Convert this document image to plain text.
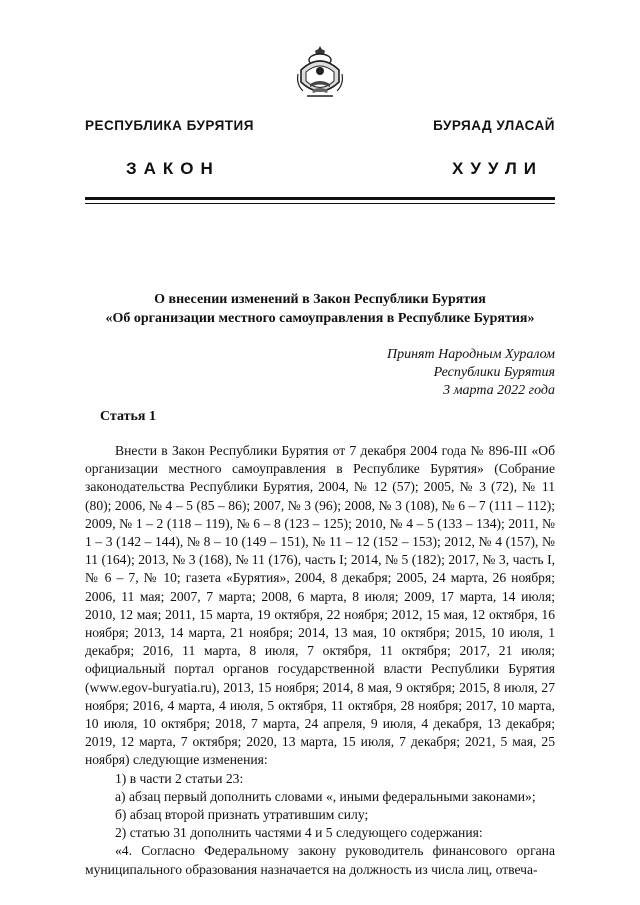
РЕСПУБЛИКА БУРЯТИЯ	БУРЯАД УЛАСАЙ
ЗАКОН	ХУУЛИ
О внесении изменений в Закон Республики Бурятия
«Об организации местного самоуправления в Республике Бурятия»
Принят Народным Хуралом
Республики Бурятия
3 марта 2022 года
Статья 1

Внести в Закон Республики Бурятия от 7 декабря 2004 года № 896-III «Об организации местного самоуправления в Республике Бурятия» (Собрание законодательства Республики Бурятия, 2004, № 12 (57); 2005, № 3 (72), № 11 (80); 2006, № 4 – 5 (85 – 86); 2007, № 3 (96); 2008, № 3 (108), № 6 – 7 (111 – 112); 2009, № 1 – 2 (118 – 119), № 6 – 8 (123 – 125); 2010, № 4 – 5 (133 – 134); 2011, № 1 – 3 (142 – 144), № 8 – 10 (149 – 151), № 11 – 12 (152 – 153); 2012, № 4 (157), № 11 (164); 2013, № 3 (168), № 11 (176), часть I; 2014, № 5 (182); 2017, № 3, часть I, № 6 – 7, № 10; газета «Бурятия», 2004, 8 декабря; 2005, 24 марта, 26 ноября; 2006, 11 мая; 2007, 7 марта; 2008, 6 марта, 8 июля; 2009, 17 марта, 14 июля; 2010, 12 мая; 2011, 15 марта, 19 октября, 22 ноября; 2012, 15 мая, 12 октября, 16 ноября; 2013, 14 марта, 21 ноября; 2014, 13 мая, 10 октября; 2015, 10 июля, 1 декабря; 2016, 11 марта, 8 июля, 7 октября, 11 октября; 2017, 21 июля; официальный портал органов государственной власти Республики Бурятия (www.egov-buryatia.ru), 2013, 15 ноября; 2014, 8 мая, 9 октября; 2015, 8 июля, 27 ноября; 2016, 4 марта, 4 июля, 5 октября, 11 октября, 28 ноября; 2017, 10 марта, 10 июля, 10 октября; 2018, 7 марта, 24 апреля, 9 июля, 4 декабря, 13 декабря; 2019, 12 марта, 7 октября; 2020, 13 марта, 15 июля, 7 декабря; 2021, 5 мая, 25 ноября) следующие изменения:

1) в части 2 статьи 23:

а) абзац первый дополнить словами «, иными федеральными законами»;

б) абзац второй признать утратившим силу;

2) статью 31 дополнить частями 4 и 5 следующего содержания:

«4. Согласно Федеральному закону руководитель финансового органа муниципального образования назначается на должность из числа лиц, отвеча-
